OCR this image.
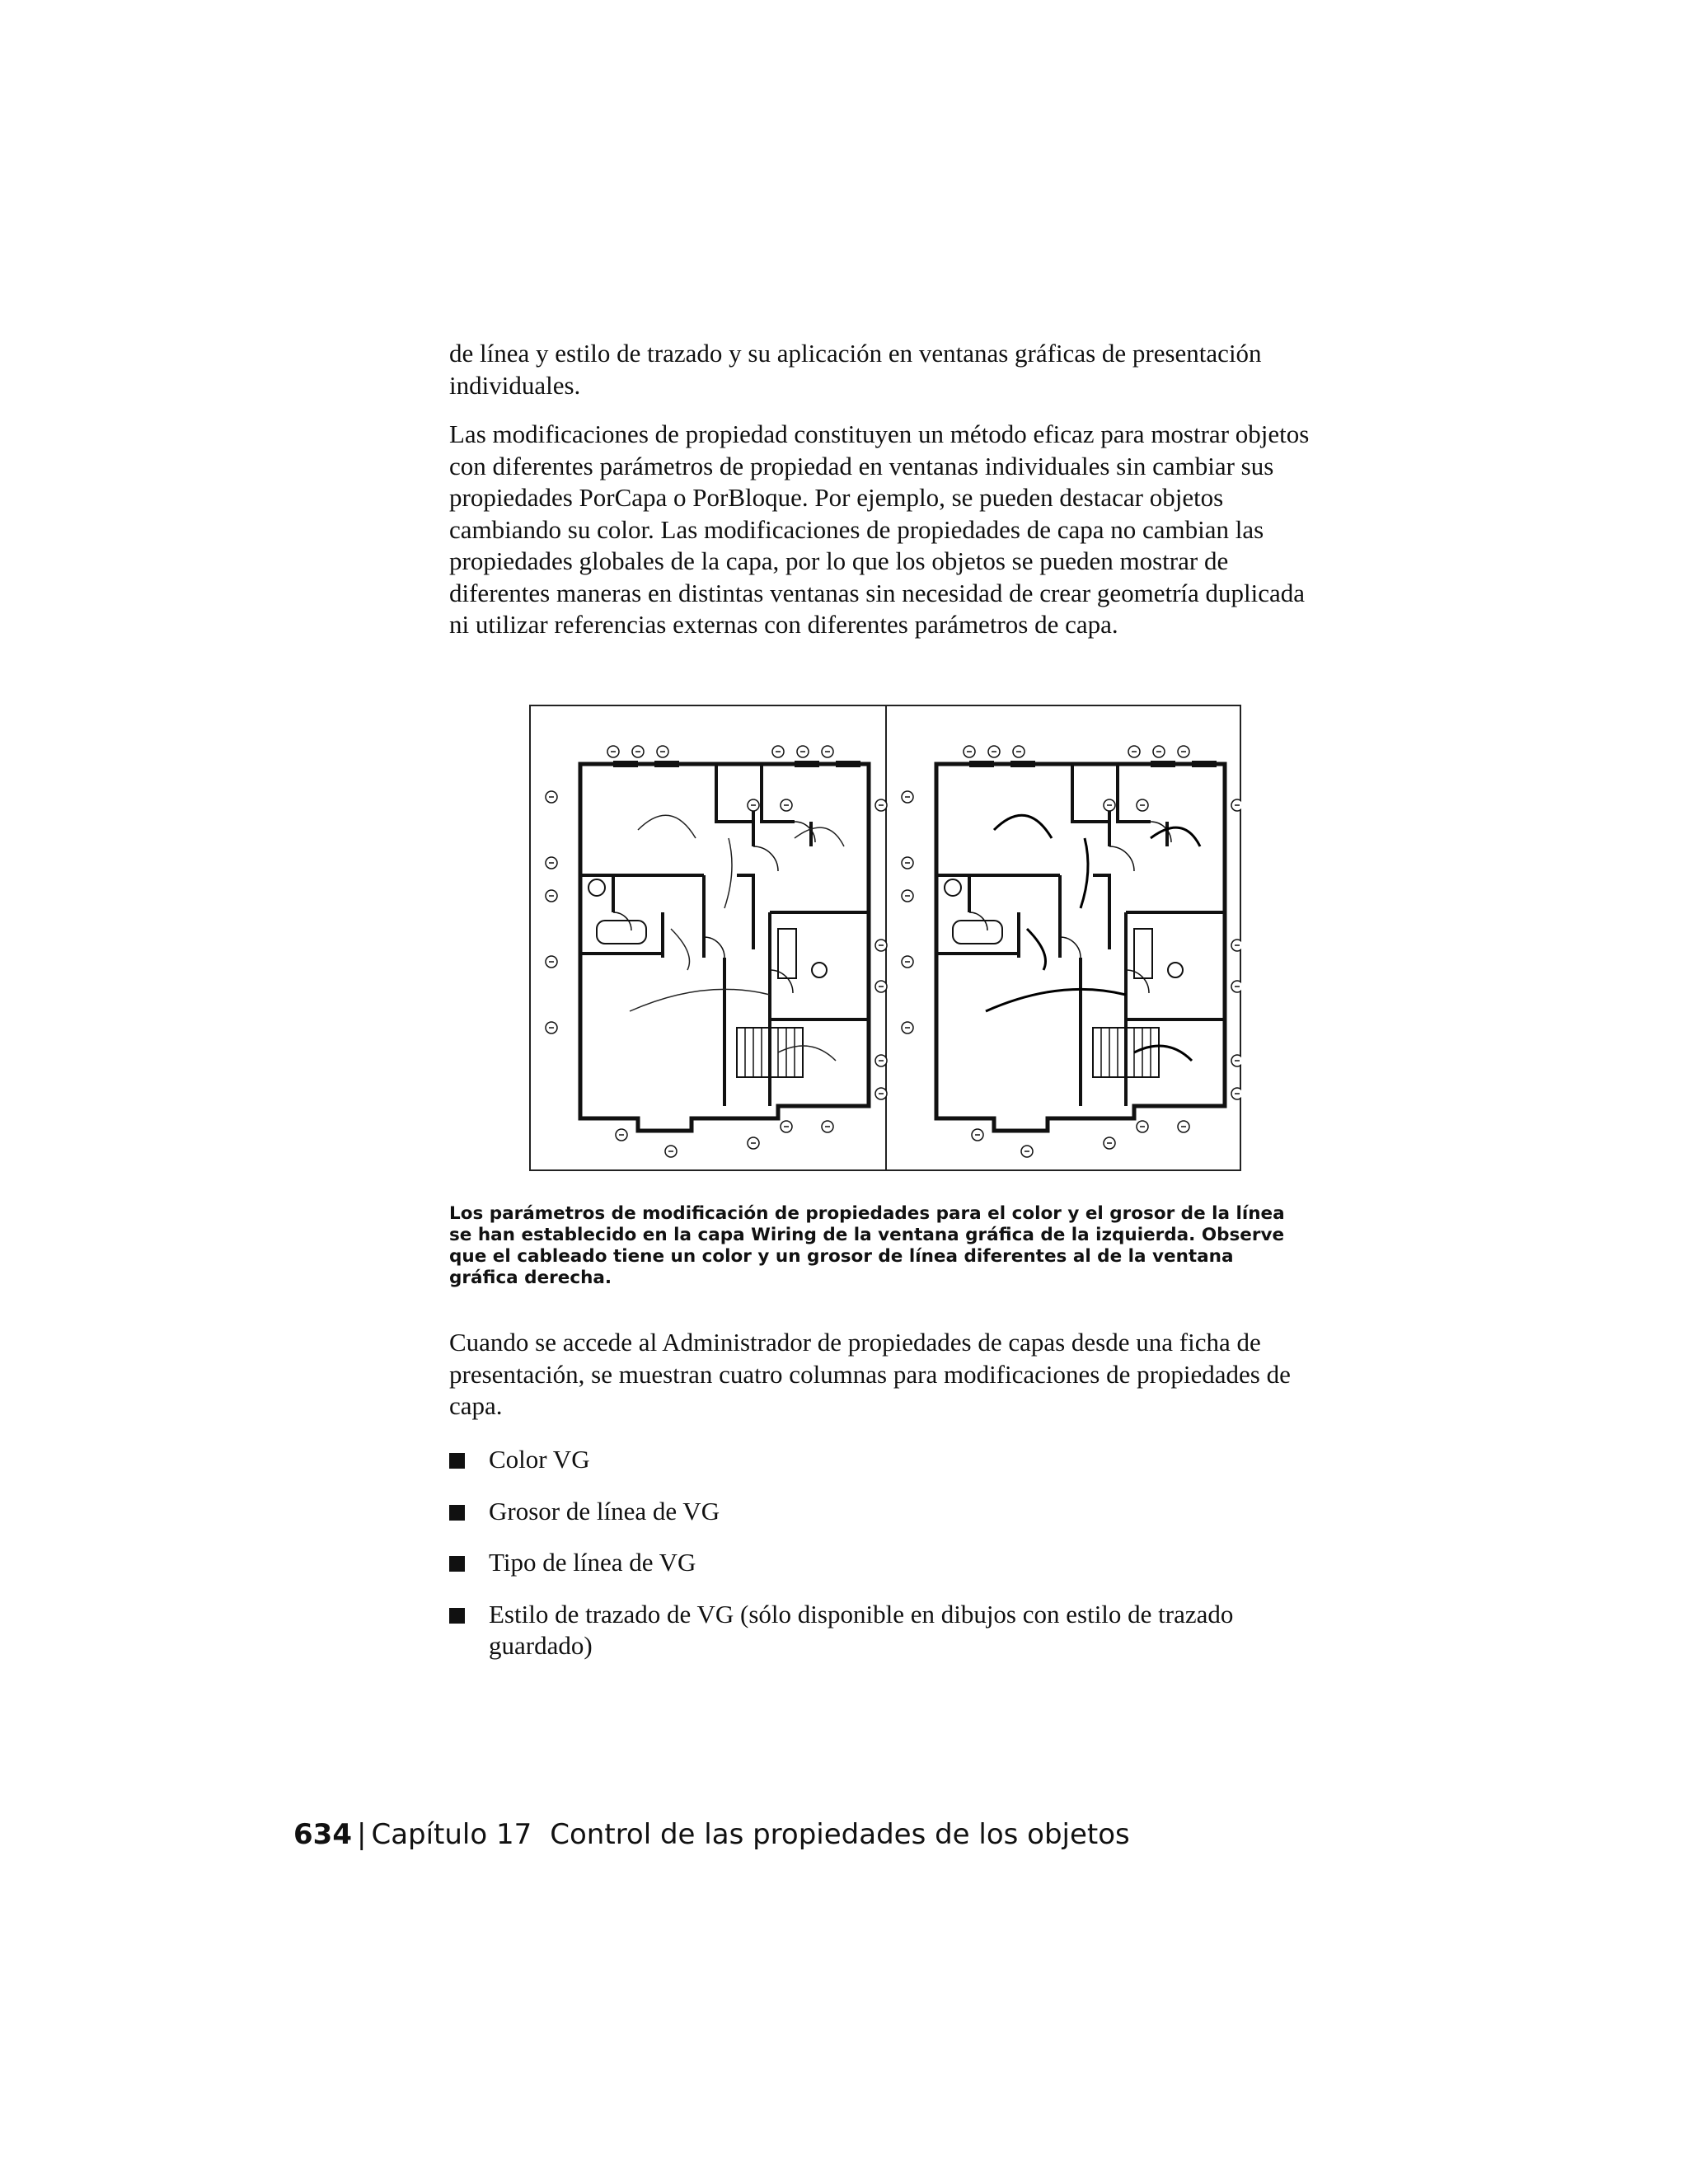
de línea y estilo de trazado y su aplicación en ventanas gráficas de presentación individuales.

Las modificaciones de propiedad constituyen un método eficaz para mostrar objetos con diferentes parámetros de propiedad en ventanas individuales sin cambiar sus propiedades PorCapa o PorBloque. Por ejemplo, se pueden destacar objetos cambiando su color. Las modificaciones de propiedades de capa no cambian las propiedades globales de la capa, por lo que los objetos se pueden mostrar de diferentes maneras en distintas ventanas sin necesidad de crear geometría duplicada ni utilizar referencias externas con diferentes parámetros de capa.

Los parámetros de modificación de propiedades para el color y el grosor de la línea se han establecido en la capa Wiring de la ventana gráfica de la izquierda. Observe que el cableado tiene un color y un grosor de línea diferentes al de la ventana gráfica derecha.

Cuando se accede al Administrador de propiedades de capas desde una ficha de presentación, se muestran cuatro columnas para modificaciones de propiedades de capa.

Color VG
Grosor de línea de VG
Tipo de línea de VG
Estilo de trazado de VG (sólo disponible en dibujos con estilo de trazado guardado)
634 | Capítulo 17 Control de las propiedades de los objetos
